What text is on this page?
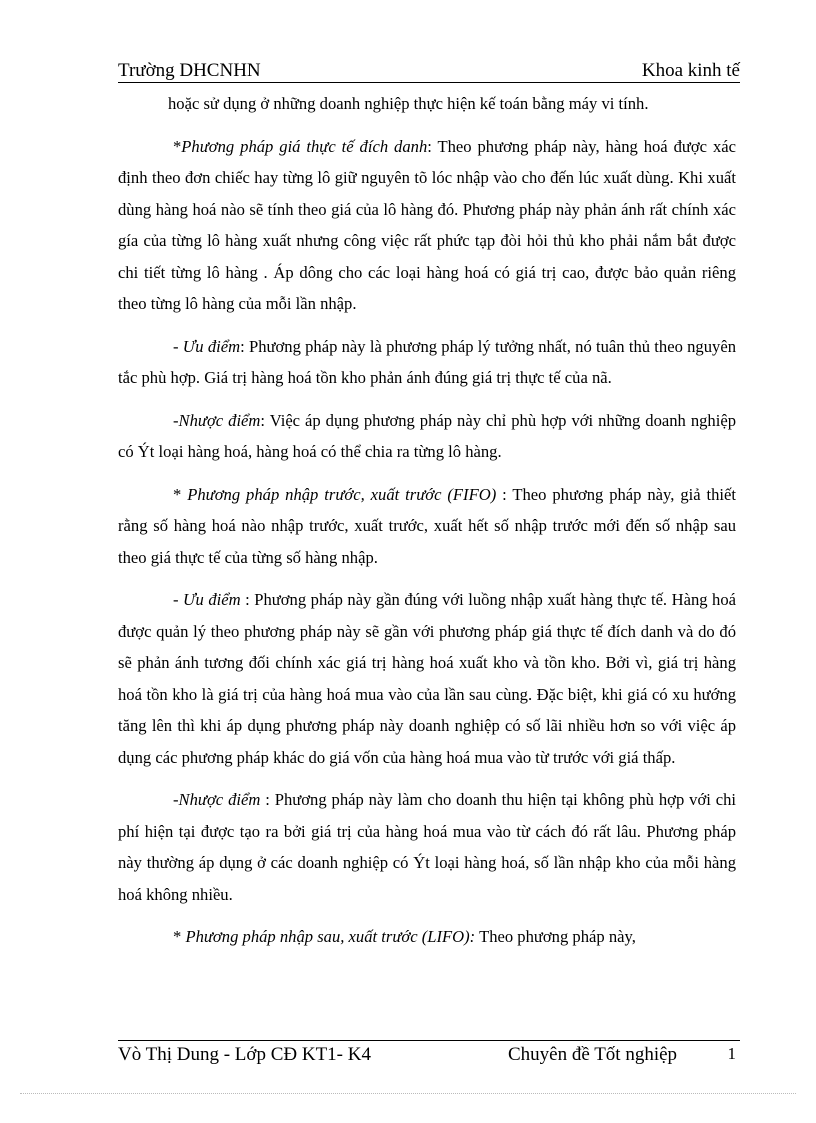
Trường DHCNHN	Khoa kinh tế

hoặc sử dụng ở những doanh nghiệp thực hiện kế toán bằng máy vi tính.

*Phương pháp giá thực tế đích danh: Theo phương pháp này, hàng hoá được xác định theo đơn chiếc hay từng lô giữ nguyên tõ lóc nhập vào cho đến lúc xuất dùng. Khi xuất dùng hàng hoá nào sẽ tính theo giá của lô hàng đó. Phương pháp này phản ánh rất chính xác gía của từng lô hàng xuất nhưng công việc rất phức tạp đòi hỏi thủ kho phải nắm bắt được chi tiết từng lô hàng . Áp dông cho các loại hàng hoá có giá trị cao, được bảo quản riêng theo từng lô hàng của mỗi lần nhập.

- Ưu điểm: Phương pháp này là phương pháp lý tưởng nhất, nó tuân thủ theo nguyên tắc phù hợp. Giá trị hàng hoá tồn kho phản ánh đúng giá trị thực tế của nã.

-Nhược điểm: Việc áp dụng phương pháp này chỉ phù hợp với những doanh nghiệp có Ýt loại hàng hoá, hàng hoá có thể chia ra từng lô hàng.

* Phương pháp nhập trước, xuất trước (FIFO) : Theo phương pháp này, giả thiết rằng số hàng hoá nào nhập trước, xuất trước, xuất hết số nhập trước mới đến số nhập sau theo giá thực tế của từng số hàng nhập.

- Ưu điểm : Phương pháp này gần đúng với luồng nhập xuất hàng thực tế. Hàng hoá được quản lý theo phương pháp này sẽ gần với phương pháp giá thực tế đích danh và do đó sẽ phản ánh tương đối chính xác giá trị hàng hoá xuất kho và tồn kho. Bởi vì, giá trị hàng hoá tồn kho là giá trị của hàng hoá mua vào của lần sau cùng. Đặc biệt, khi giá có xu hướng tăng lên thì khi áp dụng phương pháp này doanh nghiệp có số lãi nhiều hơn so với việc áp dụng các phương pháp khác do giá vốn của hàng hoá mua vào từ trước với giá thấp.

-Nhược điểm : Phương pháp này làm cho doanh thu hiện tại không phù hợp với chi phí hiện tại được tạo ra bởi giá trị của hàng hoá mua vào từ cách đó rất lâu. Phương pháp này thường áp dụng ở các doanh nghiệp có Ýt loại hàng hoá, số lần nhập kho của mỗi hàng hoá không nhiều.

* Phương pháp nhập sau, xuất trước (LIFO): Theo phương pháp này,

Vò Thị Dung - Lớp CĐ KT1- K4	Chuyên đề Tốt nghiệp	1
